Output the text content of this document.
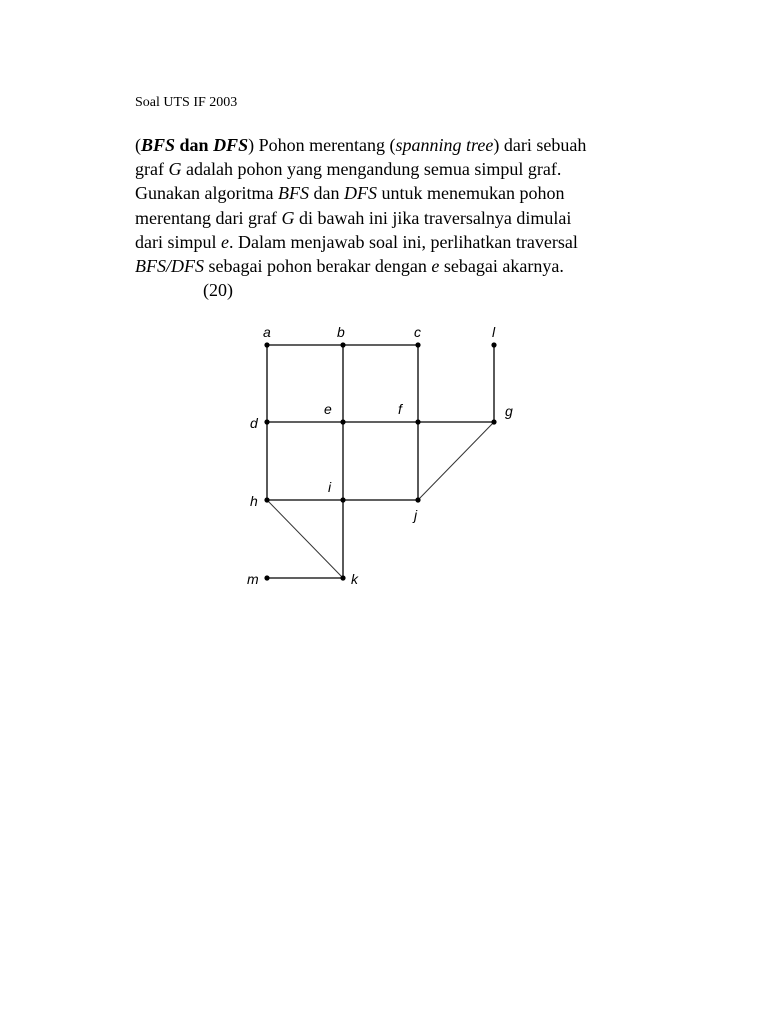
Soal UTS IF 2003
(BFS dan DFS) Pohon merentang (spanning tree) dari sebuah
graf G adalah pohon yang mengandung semua simpul graf.
Gunakan algoritma BFS dan DFS untuk menemukan pohon
merentang dari graf G di bawah ini jika traversalnya dimulai
dari simpul e. Dalam menjawab soal ini, perlihatkan traversal
BFS/DFS sebagai pohon berakar dengan e sebagai akarnya.
(20)
a	b	c	l
d
e	f	g
h
i
j
m	k
